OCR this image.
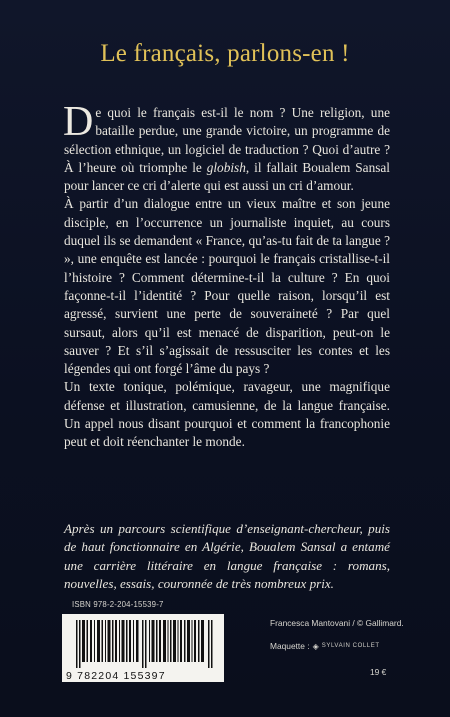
Le français, parlons-en !

De quoi le français est-il le nom ? Une religion, une bataille perdue, une grande victoire, un programme de sélection ethnique, un logiciel de traduction ? Quoi d’autre ? À l’heure où triomphe le globish, il fallait Boualem Sansal pour lancer ce cri d’alerte qui est aussi un cri d’amour.

À partir d’un dialogue entre un vieux maître et son jeune disciple, en l’occurrence un journaliste inquiet, au cours duquel ils se demandent « France, qu’as-tu fait de ta langue ? », une enquête est lancée : pourquoi le français cristallise-t-il l’histoire ? Comment détermine-t-il la culture ? En quoi façonne-t-il l’identité ? Pour quelle raison, lorsqu’il est agressé, survient une perte de souveraineté ? Par quel sursaut, alors qu’il est menacé de disparition, peut-on le sauver ? Et s’il s’agissait de ressusciter les contes et les légendes qui ont forgé l’âme du pays ?

Un texte tonique, polémique, ravageur, une magnifique défense et illustration, camusienne, de la langue française. Un appel nous disant pourquoi et comment la francophonie peut et doit réenchanter le monde.

Après un parcours scientifique d’enseignant-chercheur, puis de haut fonctionnaire en Algérie, Boualem Sansal a entamé une carrière littéraire en langue française : romans, nouvelles, essais, couronnée de très nombreux prix.
ISBN 978-2-204-15539-7
9 782204 155397
Francesca Mantovani / © Gallimard.
Maquette : ◈ SYLVAIN COLLET
19 €
